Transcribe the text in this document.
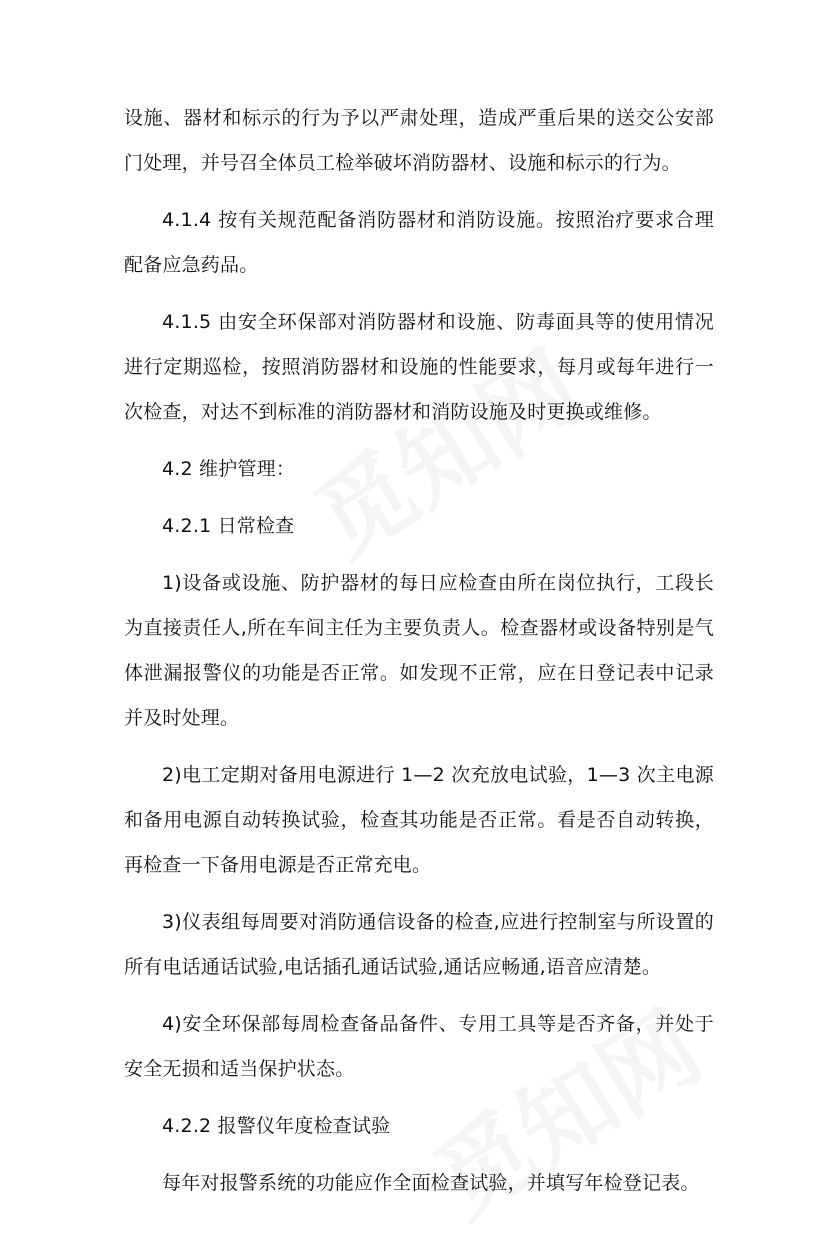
设施、器材和标示的行为予以严肃处理，造成严重后果的送交公安部门处理，并号召全体员工检举破坏消防器材、设施和标示的行为。

4.1.4 按有关规范配备消防器材和消防设施。按照治疗要求合理配备应急药品。

4.1.5 由安全环保部对消防器材和设施、防毒面具等的使用情况进行定期巡检，按照消防器材和设施的性能要求，每月或每年进行一次检查，对达不到标准的消防器材和消防设施及时更换或维修。

4.2 维护管理：

4.2.1 日常检查

1)设备或设施、防护器材的每日应检查由所在岗位执行，工段长为直接责任人,所在车间主任为主要负责人。检查器材或设备特别是气体泄漏报警仪的功能是否正常。如发现不正常，应在日登记表中记录并及时处理。

2)电工定期对备用电源进行 1—2 次充放电试验，1—3 次主电源和备用电源自动转换试验，检查其功能是否正常。看是否自动转换，再检查一下备用电源是否正常充电。

3)仪表组每周要对消防通信设备的检查,应进行控制室与所设置的所有电话通话试验,电话插孔通话试验,通话应畅通,语音应清楚。

4)安全环保部每周检查备品备件、专用工具等是否齐备，并处于安全无损和适当保护状态。

4.2.2 报警仪年度检查试验

每年对报警系统的功能应作全面检查试验，并填写年检登记表。
